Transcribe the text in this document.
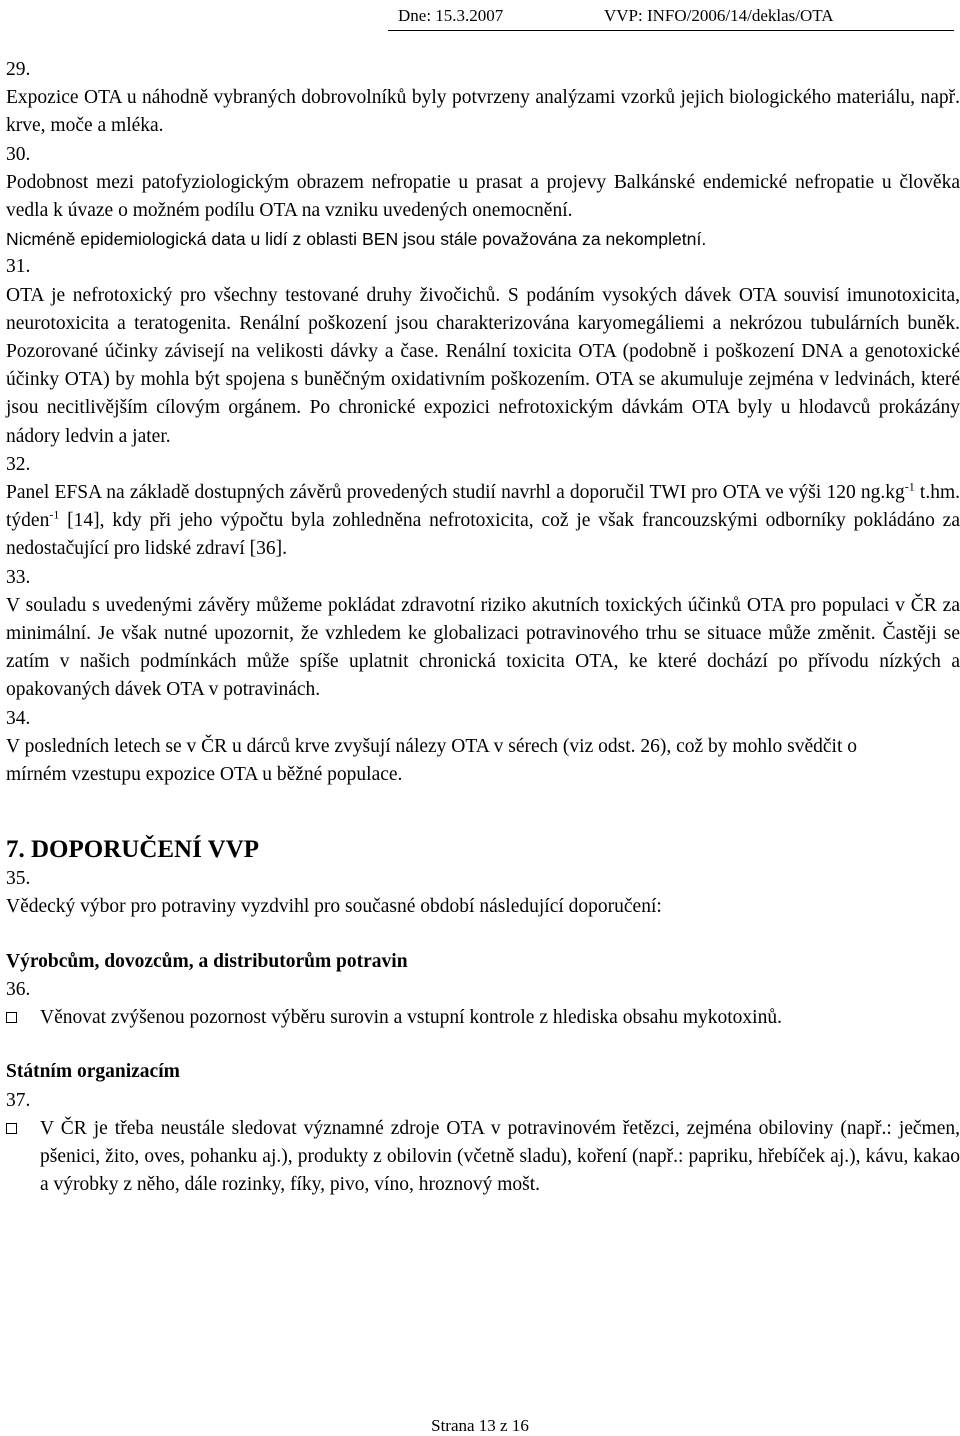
Dne: 15.3.2007	VVP: INFO/2006/14/deklas/OTA

29.

Expozice OTA u náhodně vybraných dobrovolníků byly potvrzeny analýzami vzorků jejich biologického materiálu, např. krve, moče a mléka.

30.

Podobnost mezi patofyziologickým obrazem nefropatie u prasat a projevy Balkánské endemické nefropatie u člověka vedla k úvaze o možném podílu OTA na vzniku uvedených onemocnění.

Nicméně epidemiologická data u lidí z oblasti BEN jsou stále považována za nekompletní.

31.

OTA je nefrotoxický pro všechny testované druhy živočichů. S podáním vysokých dávek OTA souvisí imunotoxicita, neurotoxicita a teratogenita. Renální poškození jsou charakterizována karyomegáliemi a nekrózou tubulárních buněk. Pozorované účinky závisejí na velikosti dávky a čase. Renální toxicita OTA (podobně i poškození DNA a genotoxické účinky OTA) by mohla být spojena s buněčným oxidativním poškozením. OTA se akumuluje zejména v ledvinách, které jsou necitlivějším cílovým orgánem. Po chronické expozici nefrotoxickým dávkám OTA byly u hlodavců prokázány nádory ledvin a jater.

32.

Panel EFSA na základě dostupných závěrů provedených studií navrhl a doporučil TWI pro OTA ve výši 120 $ng.kg^{-1}$ t.hm. týden$^{-1}$ [14], kdy při jeho výpočtu byla zohledněna nefrotoxicita, což je však francouzskými odborníky pokládáno za nedostačující pro lidské zdraví [36].

33.

V souladu s uvedenými závěry můžeme pokládat zdravotní riziko akutních toxických účinků OTA pro populaci v ČR za minimální. Je však nutné upozornit, že vzhledem ke globalizaci potravinového trhu se situace může změnit. Častěji se zatím v našich podmínkách může spíše uplatnit chronická toxicita OTA, ke které dochází po přívodu nízkých a opakovaných dávek OTA v potravinách.

34.

V posledních letech se v ČR u dárců krve zvyšují nálezy OTA v sérech (viz odst. 26), což by mohlo svědčit o mírném vzestupu expozice OTA u běžné populace.

7. DOPORUČENÍ VVP

35.

Vědecký výbor pro potraviny vyzdvihl pro současné období následující doporučení:

Výrobcům, dovozcům, a distributorům potravin

36.

Věnovat zvýšenou pozornost výběru surovin a vstupní kontrole z hlediska obsahu mykotoxinů.

Státním organizacím

37.

V ČR je třeba neustále sledovat významné zdroje OTA v potravinovém řetězci, zejména obiloviny (např.: ječmen, pšenici, žito, oves, pohanku aj.), produkty z obilovin (včetně sladu), koření (např.: papriku, hřebíček aj.), kávu, kakao a výrobky z něho, dále rozinky, fíky, pivo, víno, hroznový mošt.
Strana 13 z 16
